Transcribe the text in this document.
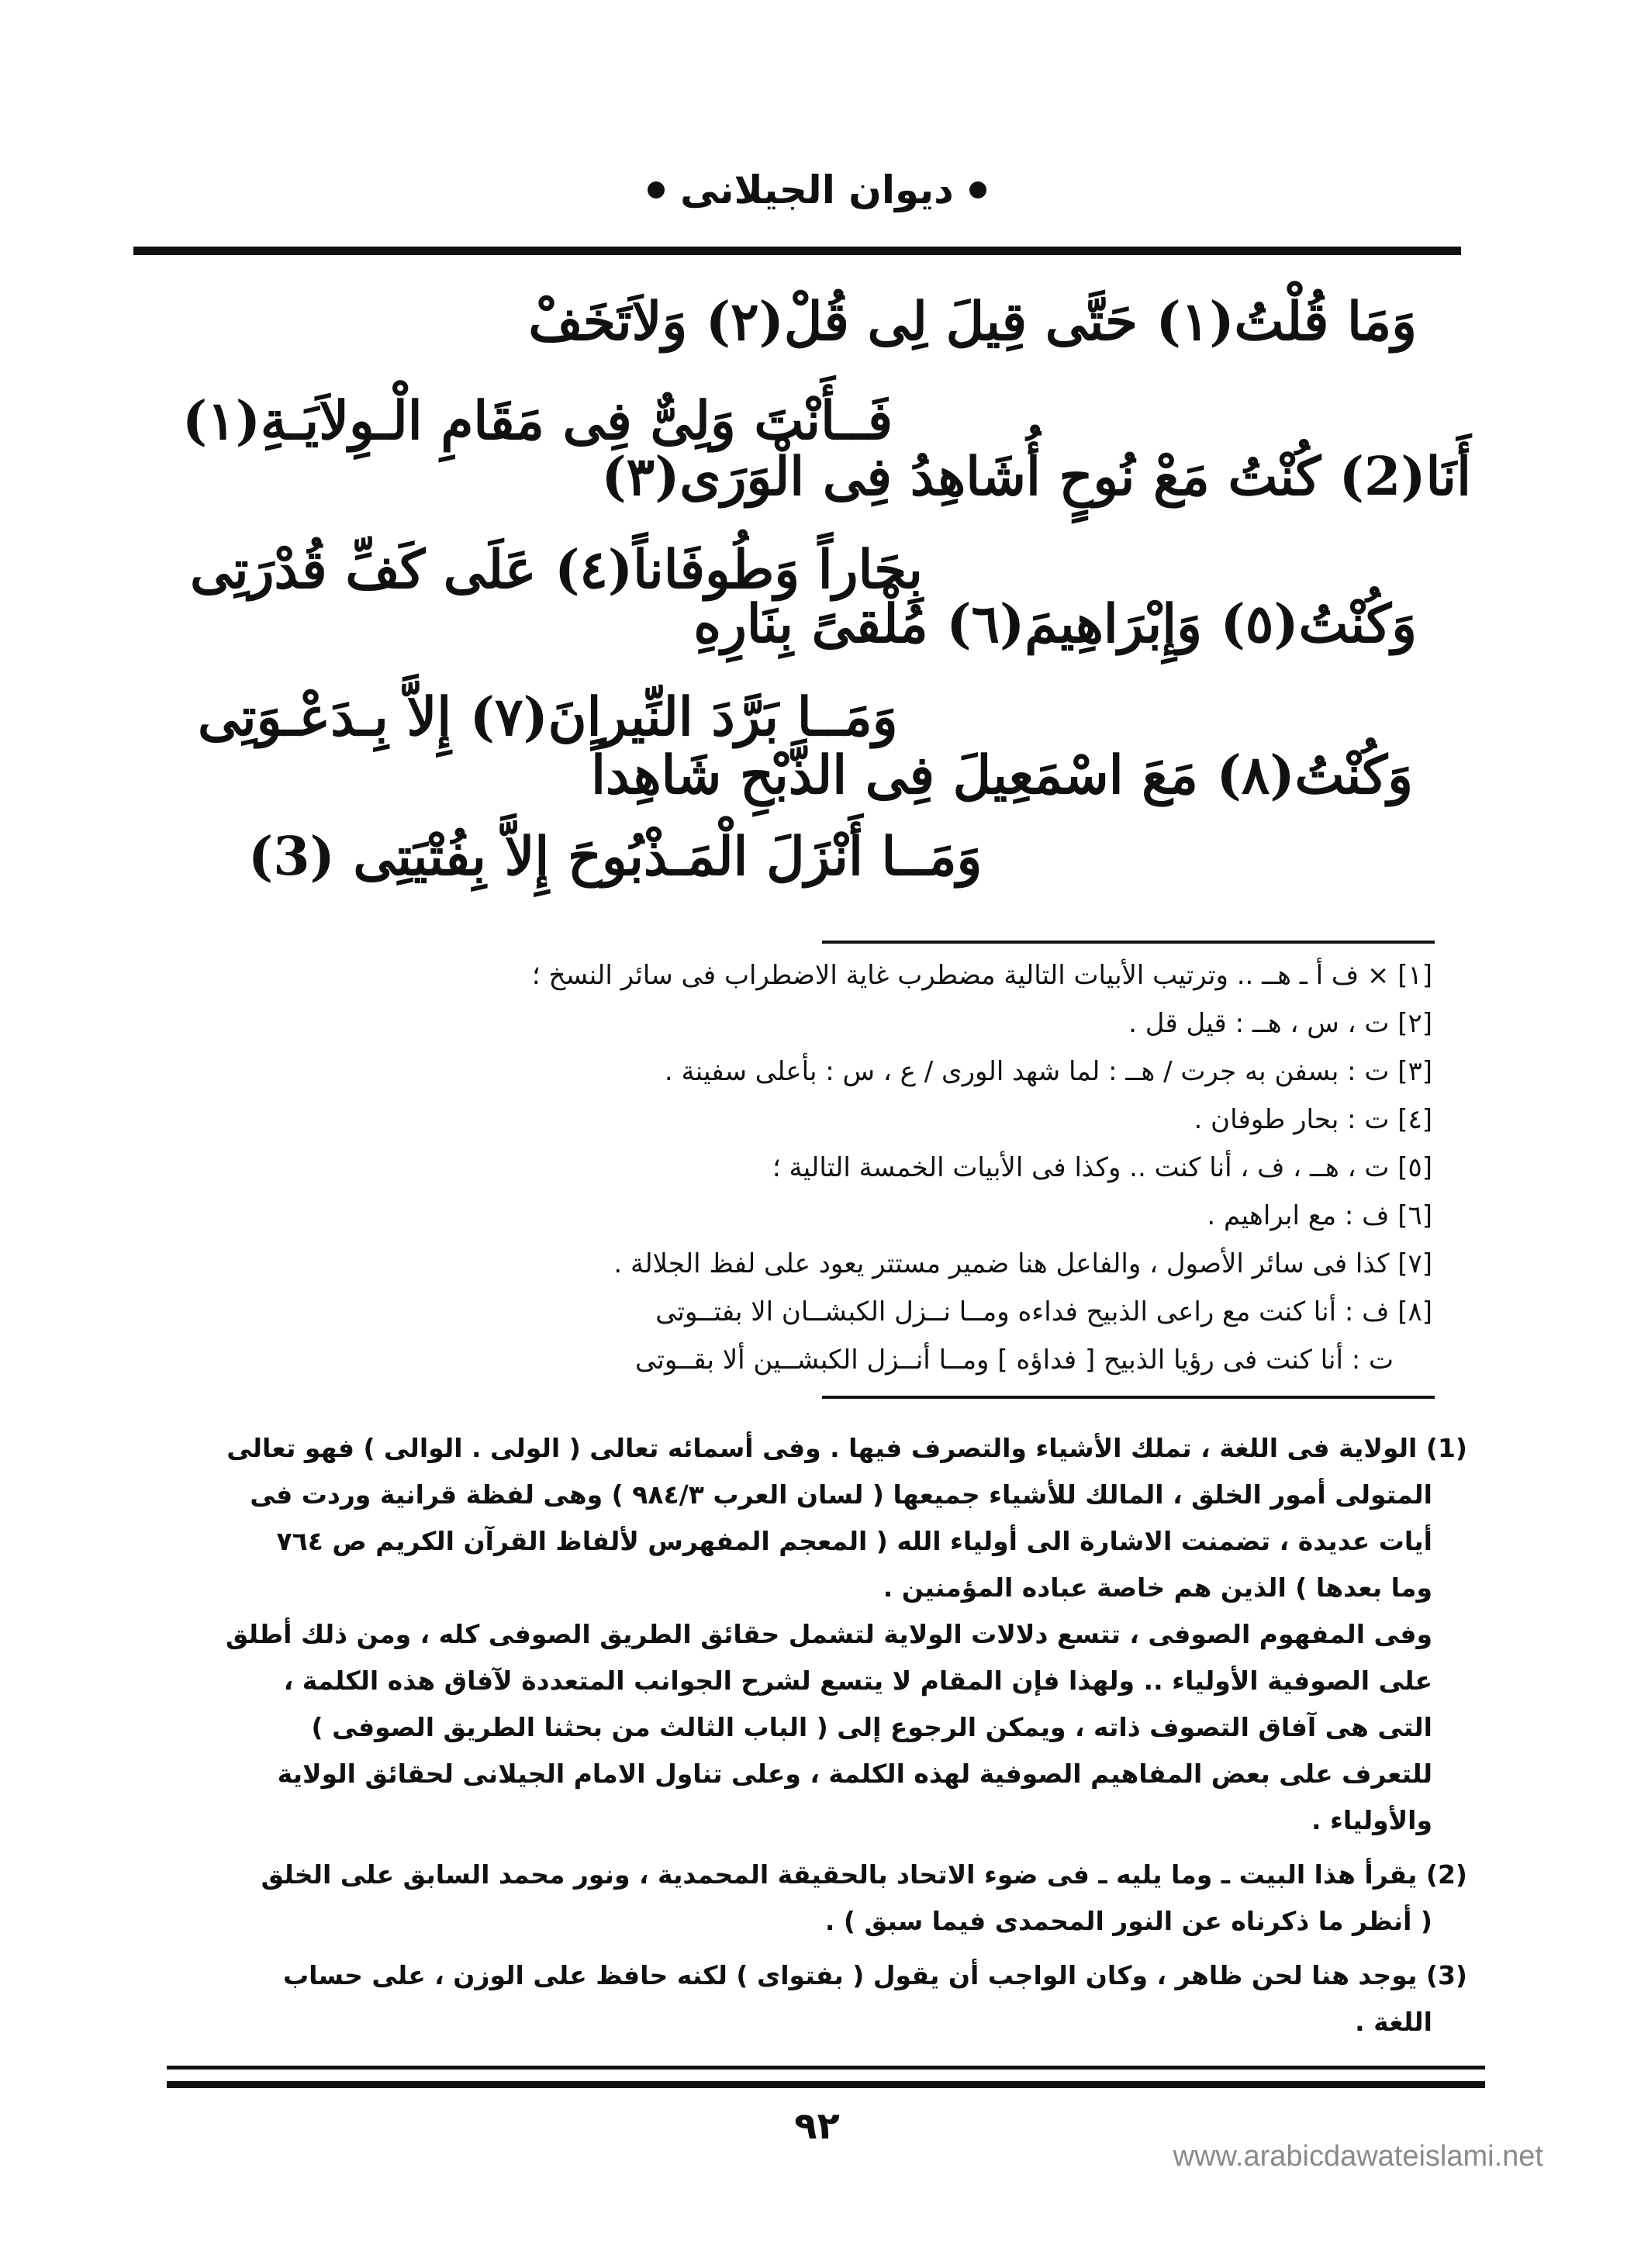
ديوان الجيلانى
وَمَا قُلْتُ(١) حَتَّى قِيلَ لِى قُلْ(٢) وَلاَتَخَفْ
فَــأَنْتَ وَلِىٌّ فِى مَقَامِ الْـوِلاَيَـةِ(١)
أَنَا(2) كُنْتُ مَعْ نُوحٍ أُشَاهِدُ فِى الْوَرَى(٣)
بِحَاراً وَطُوفَاناً(٤) عَلَى كَفِّ قُدْرَتِى
وَكُنْتُ(٥) وَإِبْرَاهِيمَ(٦) مُلْقىً بِنَارِهِ
وَمَــا بَرَّدَ النِّيرانَ(٧) إِلاَّ بِـدَعْـوَتِى
وَكُنْتُ(٨) مَعَ اسْمَعِيلَ فِى الذَّبْحِ شَاهِداً
وَمَــا أَنْزَلَ الْمَـذْبُوحَ إِلاَّ بِفُتْيَتِى (3)
[١] × ف أ ـ هــ .. وترتيب الأبيات التالية مضطرب غاية الاضطراب فى سائر النسخ ؛
[٢] ت ، س ، هــ : قيل قل .
[٣] ت : بسفن به جرت / هــ : لما شهد الورى / ع ، س : بأعلى سفينة .
[٤] ت : بحار طوفان .
[٥] ت ، هــ ، ف ، أنا كنت .. وكذا فى الأبيات الخمسة التالية ؛
[٦] ف : مع ابراهيم .
[٧] كذا فى سائر الأصول ، والفاعل هنا ضمير مستتر يعود على لفظ الجلالة .
[٨] ف : أنا كنت مع راعى الذبيح فداءه ومــا نــزل الكبشــان الا بفتــوتى
ت : أنا كنت فى رؤيا الذبيح [ فداؤه ] ومــا أنــزل الكبشــين ألا بقــوتى
(1) الولاية فى اللغة ، تملك الأشياء والتصرف فيها . وفى أسمائه تعالى ( الولى . الوالى ) فهو تعالى
المتولى أمور الخلق ، المالك للأشياء جميعها ( لسان العرب ٩٨٤/٣ ) وهى لفظة قرانية وردت فى
أيات عديدة ، تضمنت الاشارة الى أولياء الله ( المعجم المفهرس لألفاظ القرآن الكريم ص ٧٦٤
وما بعدها ) الذين هم خاصة عباده المؤمنين .
وفى المفهوم الصوفى ، تتسع دلالات الولاية لتشمل حقائق الطريق الصوفى كله ، ومن ذلك أطلق
على الصوفية الأولياء .. ولهذا فإن المقام لا يتسع لشرح الجوانب المتعددة لآفاق هذه الكلمة ،
التى هى آفاق التصوف ذاته ، ويمكن الرجوع إلى ( الباب الثالث من بحثنا الطريق الصوفى )
للتعرف على بعض المفاهيم الصوفية لهذه الكلمة ، وعلى تناول الامام الجيلانى لحقائق الولاية
والأولياء .
(2) يقرأ هذا البيت ـ وما يليه ـ فى ضوء الاتحاد بالحقيقة المحمدية ، ونور محمد السابق على الخلق
( أنظر ما ذكرناه عن النور المحمدى فيما سبق ) .
(3) يوجد هنا لحن ظاهر ، وكان الواجب أن يقول ( بفتواى ) لكنه حافظ على الوزن ، على حساب
اللغة .
٩٢
www.arabicdawateislami.net
